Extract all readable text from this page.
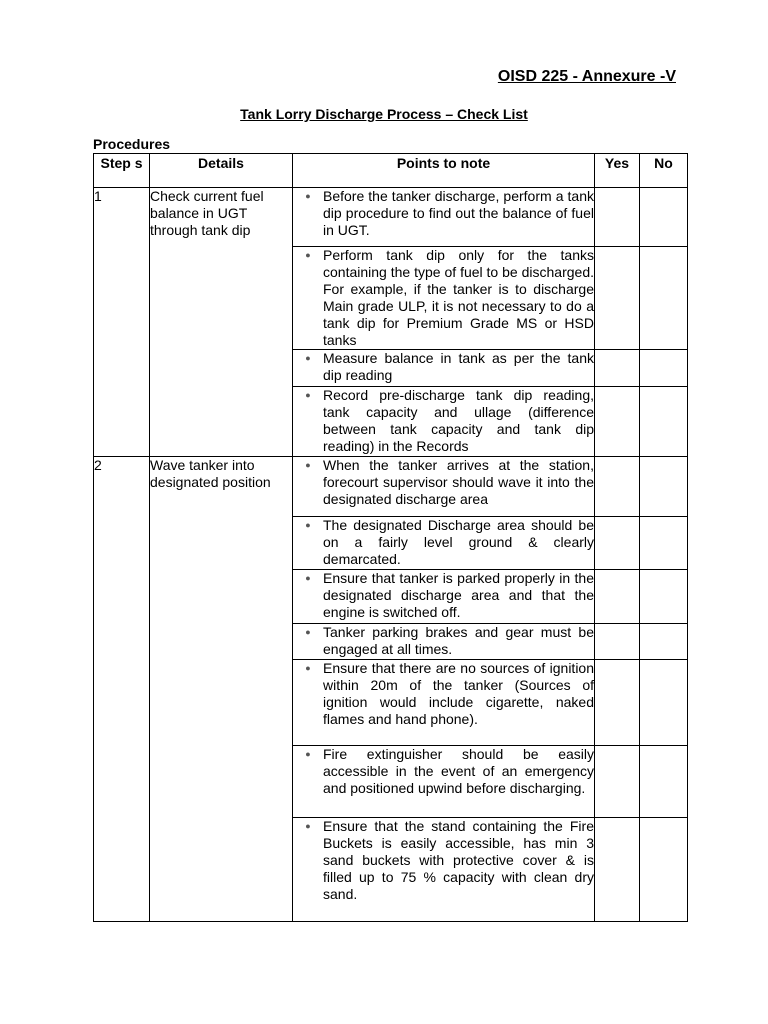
OISD 225 - Annexure -V
Tank Lorry Discharge Process – Check List
Procedures
Step s	Details	Points to note	Yes	No
1	Check current fuel balance in UGT through tank dip	● Before the tanker discharge, perform a tank dip procedure to find out the balance of fuel in UGT.		

		● Perform tank dip only for the tanks containing the type of fuel to be discharged. For example, if the tanker is to discharge Main grade ULP, it is not necessary to do a tank dip for Premium Grade MS or HSD tanks		

		● Measure balance in tank as per the tank dip reading		

		● Record pre-discharge tank dip reading, tank capacity and ullage (difference between tank capacity and tank dip reading) in the Records		

2	Wave tanker into designated position	● When the tanker arrives at the station, forecourt supervisor should wave it into the designated discharge area		

		● The designated Discharge area should be on a fairly level ground & clearly demarcated.		

		● Ensure that tanker is parked properly in the designated discharge area and that the engine is switched off.		

		● Tanker parking brakes and gear must be engaged at all times.		

		● Ensure that there are no sources of ignition within 20m of the tanker (Sources of ignition would include cigarette, naked flames and hand phone).		

		● Fire extinguisher should be easily accessible in the event of an emergency and positioned upwind before discharging.		

		● Ensure that the stand containing the Fire Buckets is easily accessible, has min 3 sand buckets with protective cover & is filled up to 75 % capacity with clean dry sand.		
